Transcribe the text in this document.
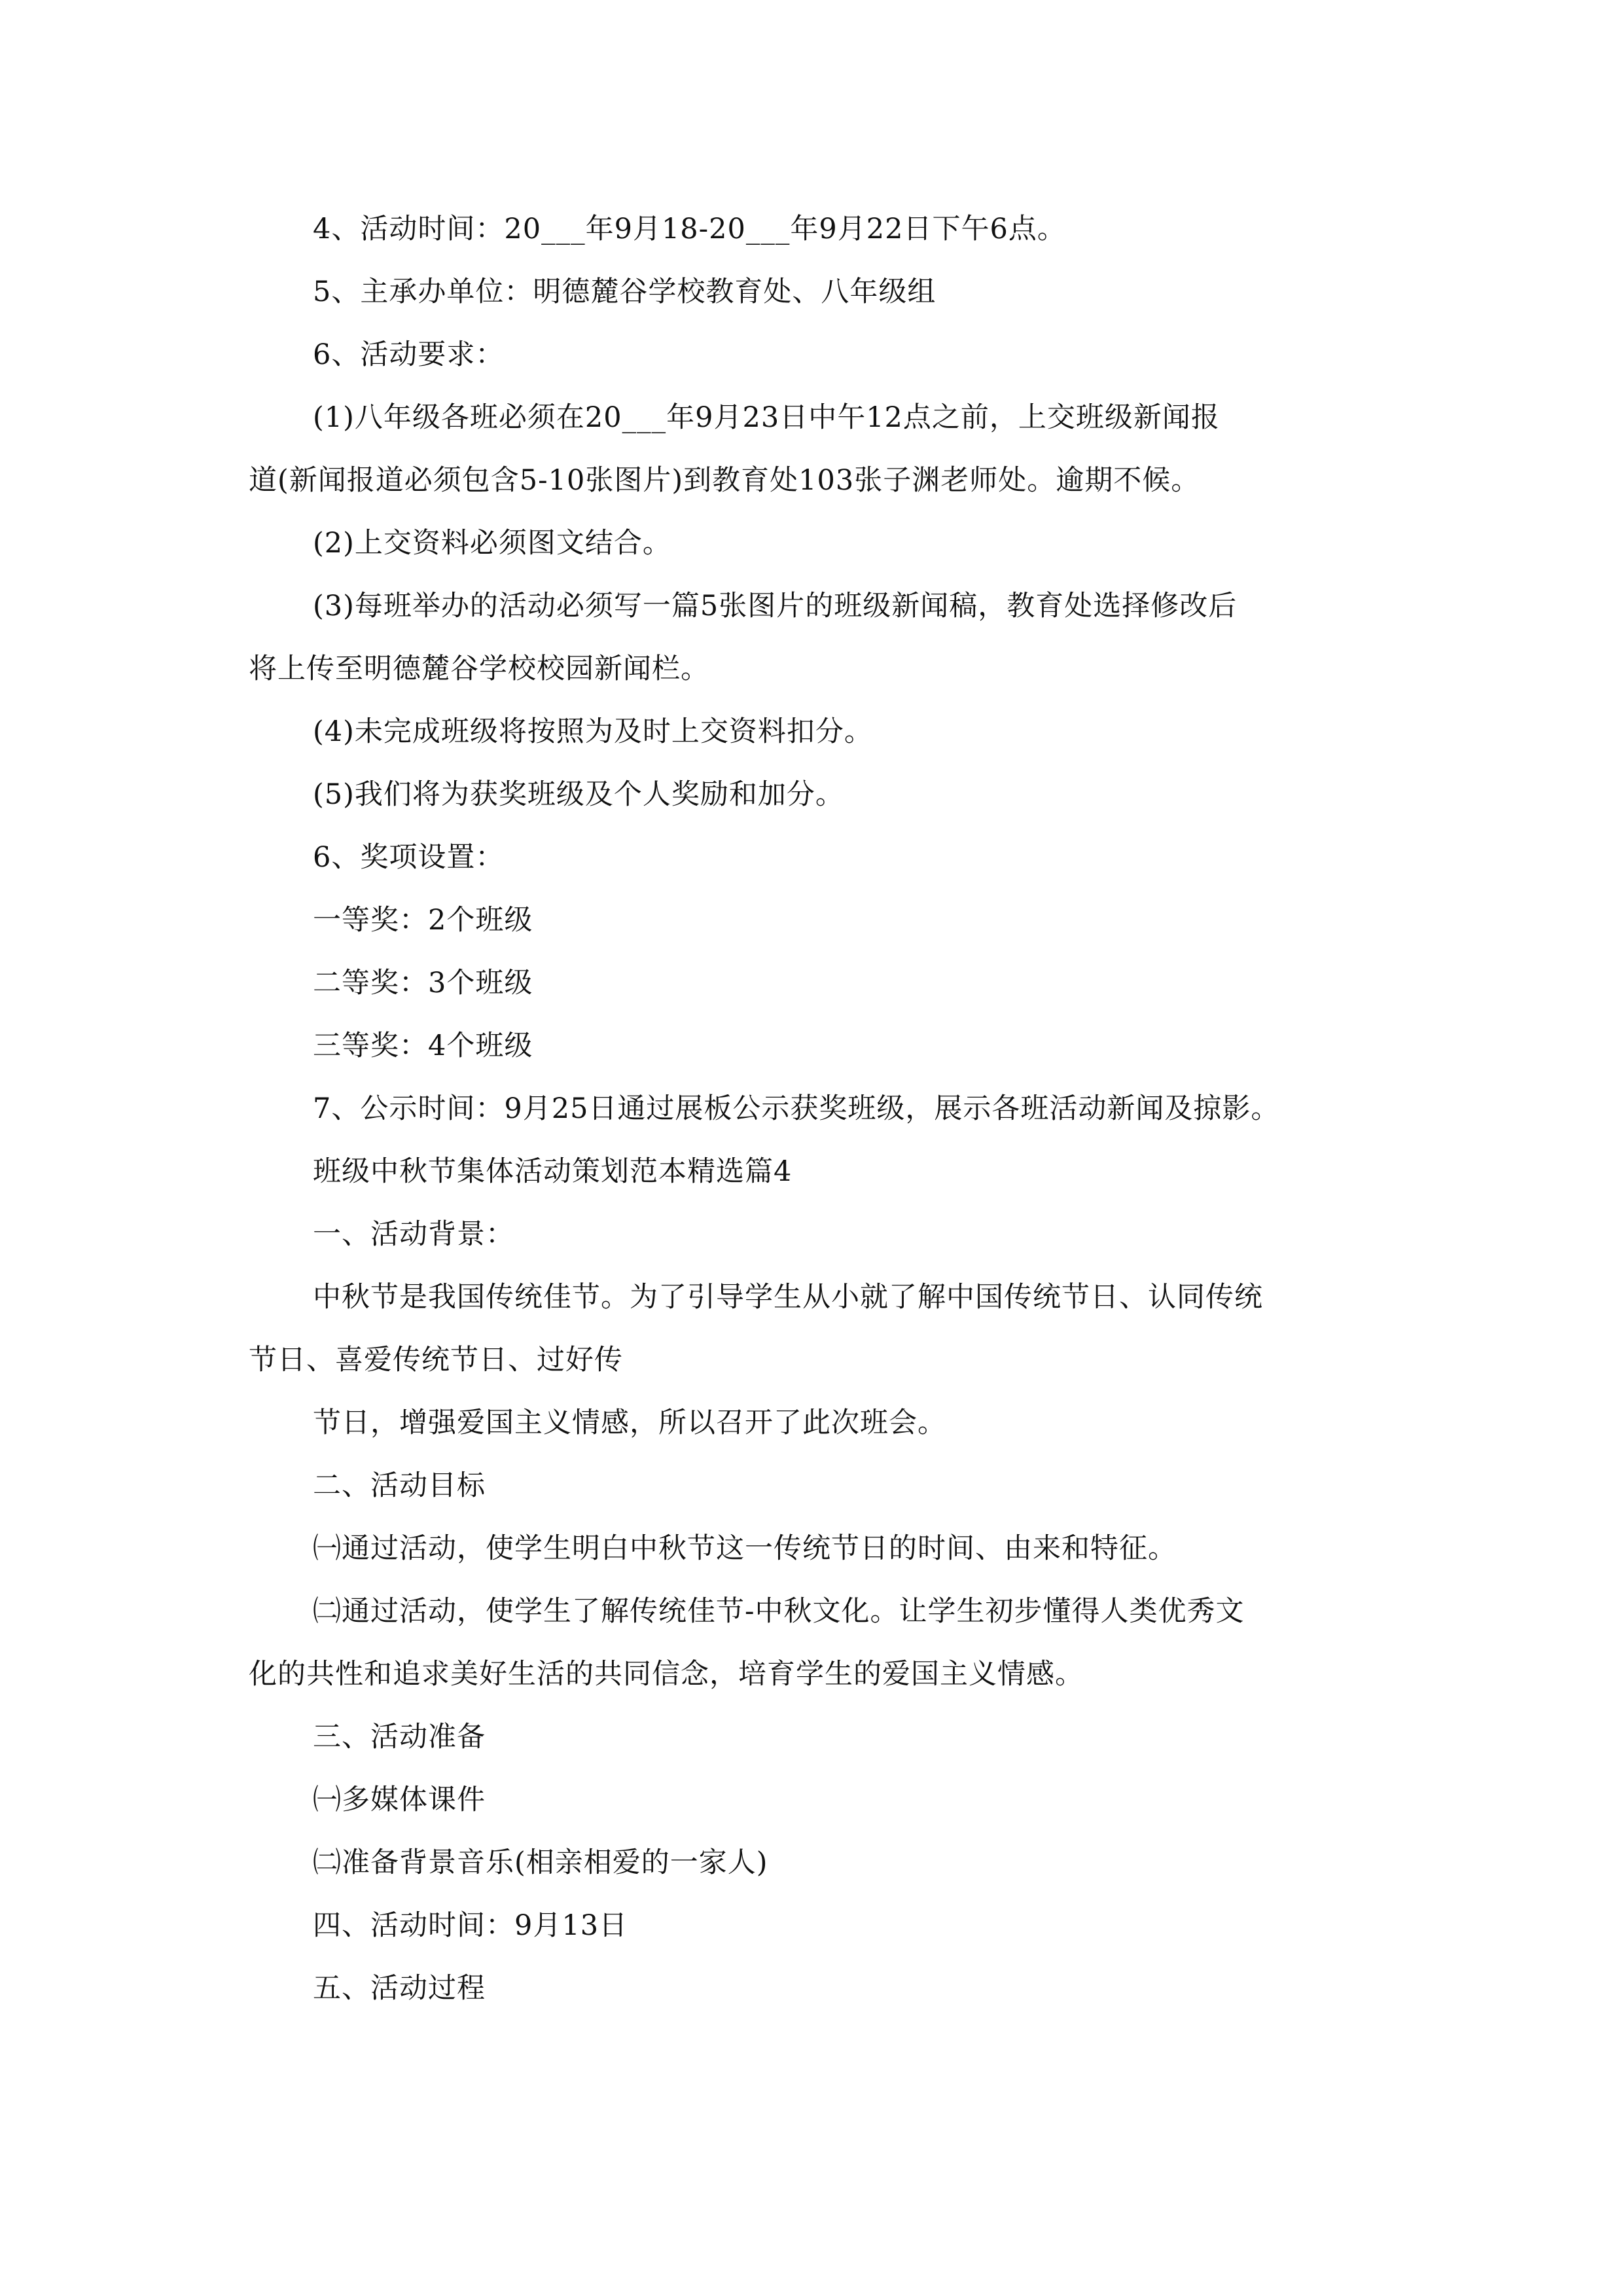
4、活动时间：20___年9月18-20___年9月22日下午6点。
5、主承办单位：明德麓谷学校教育处、八年级组
6、活动要求：
(1)八年级各班必须在20___年9月23日中午12点之前，上交班级新闻报
道(新闻报道必须包含5-10张图片)到教育处103张子渊老师处。逾期不候。
(2)上交资料必须图文结合。
(3)每班举办的活动必须写一篇5张图片的班级新闻稿，教育处选择修改后
将上传至明德麓谷学校校园新闻栏。
(4)未完成班级将按照为及时上交资料扣分。
(5)我们将为获奖班级及个人奖励和加分。
6、奖项设置：
一等奖：2个班级
二等奖：3个班级
三等奖：4个班级
7、公示时间：9月25日通过展板公示获奖班级，展示各班活动新闻及掠影。
班级中秋节集体活动策划范本精选篇4
一、活动背景：
中秋节是我国传统佳节。为了引导学生从小就了解中国传统节日、认同传统
节日、喜爱传统节日、过好传
节日，增强爱国主义情感，所以召开了此次班会。
二、活动目标
㈠通过活动，使学生明白中秋节这一传统节日的时间、由来和特征。
㈡通过活动，使学生了解传统佳节-中秋文化。让学生初步懂得人类优秀文
化的共性和追求美好生活的共同信念，培育学生的爱国主义情感。
三、活动准备
㈠多媒体课件
㈡准备背景音乐(相亲相爱的一家人)
四、活动时间：9月13日
五、活动过程
